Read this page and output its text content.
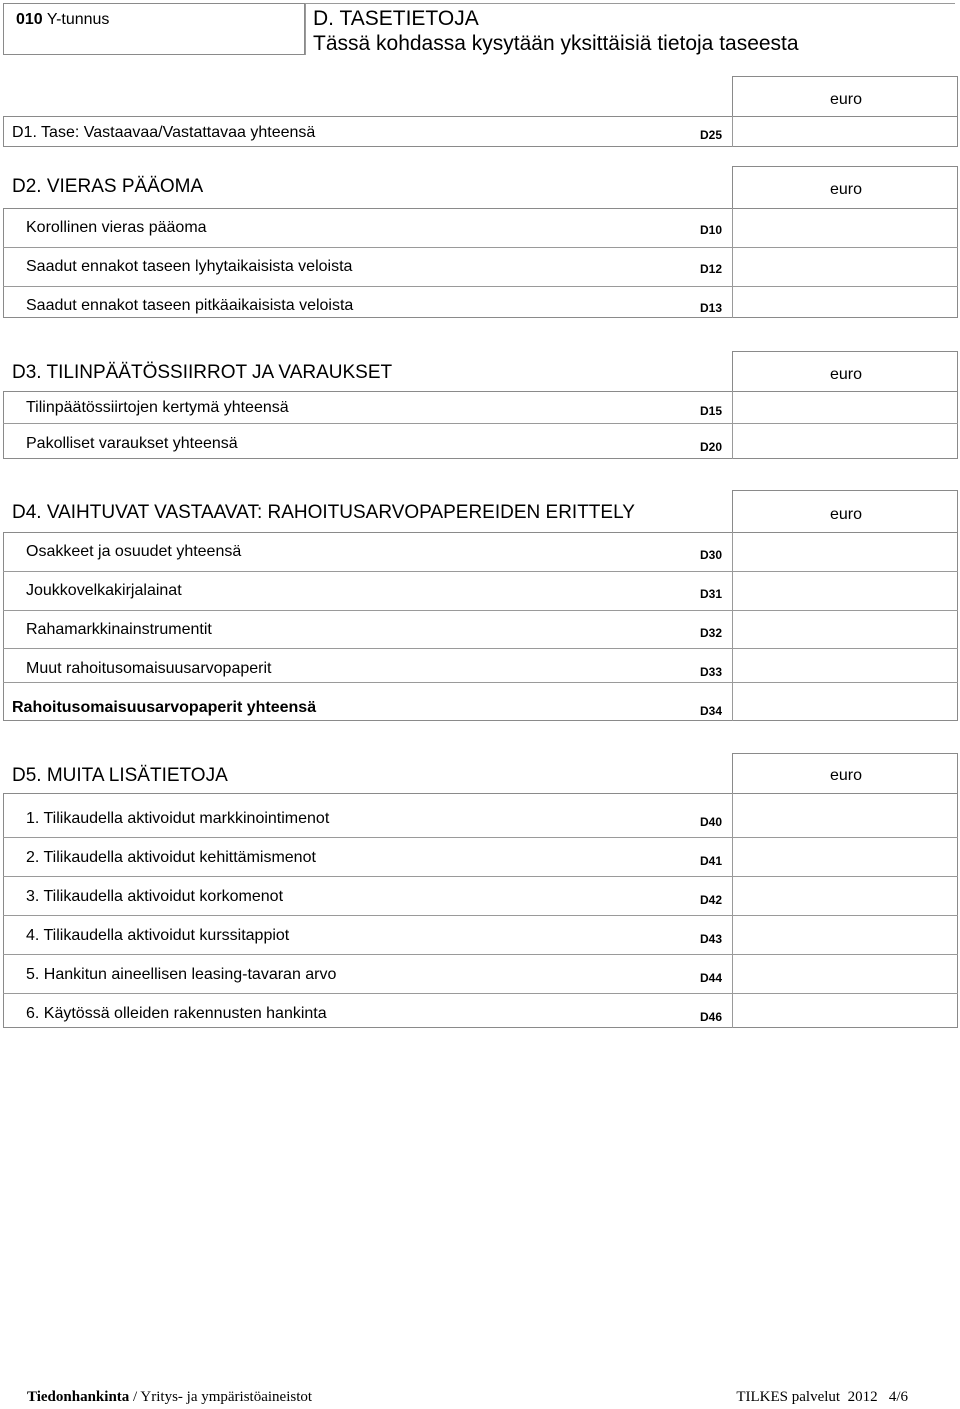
010 Y-tunnus	D. TASETIETOJA
Tässä kohdassa kysytään yksittäisiä tietoja taseesta
euro
D1. Tase: Vastaavaa/Vastattavaa yhteensä	D25
D2. VIERAS PÄÄOMA	euro
Korollinen vieras pääoma	D10
Saadut ennakot taseen lyhytaikaisista veloista	D12
Saadut ennakot taseen pitkäaikaisista veloista	D13
D3. TILINPÄÄTÖSSIIRROT JA VARAUKSET	euro
Tilinpäätössiirtojen kertymä yhteensä	D15
Pakolliset varaukset yhteensä	D20
D4. VAIHTUVAT VASTAAVAT: RAHOITUSARVOPAPEREIDEN ERITTELY	euro
Osakkeet ja osuudet yhteensä	D30
Joukkovelkakirjalainat	D31
Rahamarkkinainstrumentit	D32
Muut rahoitusomaisuusarvopaperit	D33
Rahoitusomaisuusarvopaperit yhteensä	D34
D5. MUITA LISÄTIETOJA	euro
1. Tilikaudella aktivoidut markkinointimenot	D40
2. Tilikaudella aktivoidut kehittämismenot	D41
3. Tilikaudella aktivoidut korkomenot	D42
4. Tilikaudella aktivoidut kurssitappiot	D43
5. Hankitun aineellisen leasing-tavaran arvo	D44
6. Käytössä olleiden rakennusten hankinta	D46
Tiedonhankinta / Yritys- ja ympäristöaineistot	TILKES palvelut  2012   4/6
